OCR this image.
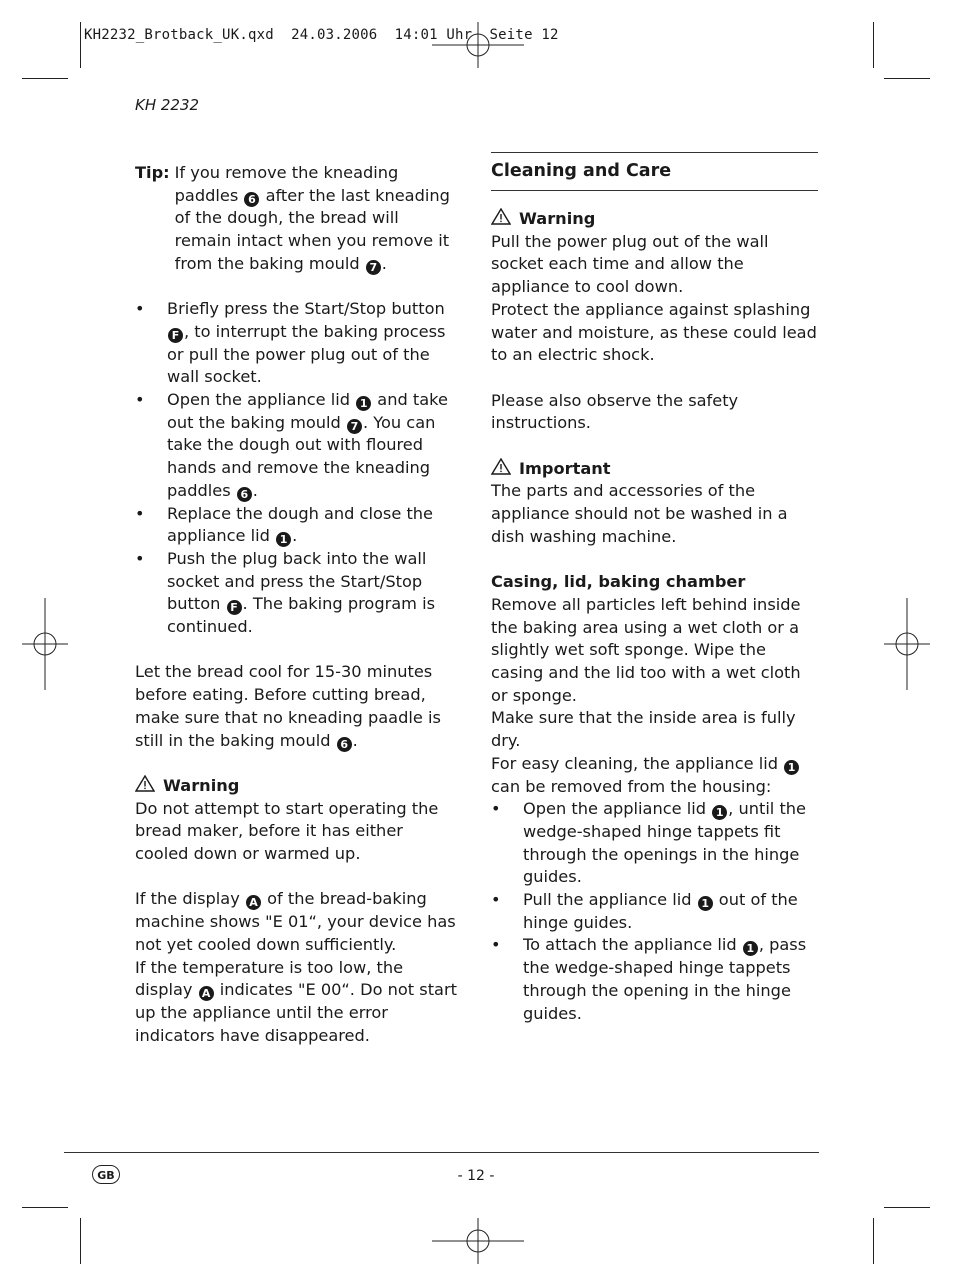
KH2232_Brotback_UK.qxd  24.03.2006  14:01 Uhr  Seite 12
KH 2232
Tip: If you remove the kneading paddles 6 after the last kneading of the dough, the bread will remain intact when you remove it from the baking mould 7 .
• Briefly press the Start/Stop button F , to interrupt the baking process or pull the power plug out of the wall socket.
• Open the appliance lid 1 and take out the baking mould 7 . You can take the dough out with floured hands and remove the kneading paddles 6 .
• Replace the dough and close the appliance lid 1 .
• Push the plug back into the wall socket and press the Start/Stop button F . The baking program is continued.

Let the bread cool for 15-30 minutes before eating. Before cutting bread, make sure that no kneading paadle is still in the baking mould 6 .

Warning

Do not attempt to start operating the bread maker, before it has either cooled down or warmed up.

If the display A of the bread-baking machine shows "E 01“, your device has not yet cooled down sufficiently.

If the temperature is too low, the display A indicates "E 00“. Do not start up the appliance until the error indicators have disappeared.

Cleaning and Care

Warning

Pull the power plug out of the wall socket each time and allow the appliance to cool down.

Protect the appliance against splashing water and moisture, as these could lead to an electric shock.

Please also observe the safety instructions.

Important

The parts and accessories of the appliance should not be washed in a dish washing machine.

Casing, lid, baking chamber

Remove all particles left behind inside the baking area using a wet cloth or a slightly wet soft sponge. Wipe the casing and the lid too with a wet cloth or sponge.

Make sure that the inside area is fully dry.

For easy cleaning, the appliance lid 1 can be removed from the housing:

• Open the appliance lid 1 , until the wedge-shaped hinge tappets fit through the openings in the hinge guides.
• Pull the appliance lid 1 out of the hinge guides.
• To attach the appliance lid 1 , pass the wedge-shaped hinge tappets through the opening in the hinge guides.
GB	- 12 -
